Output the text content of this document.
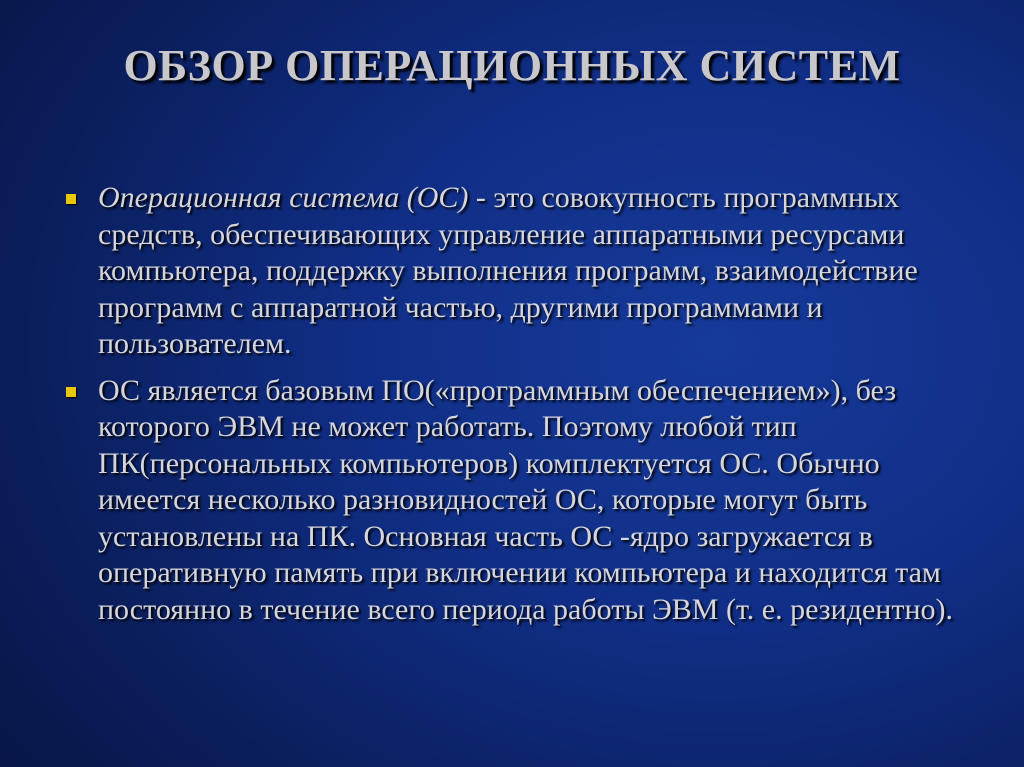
ОБЗОР ОПЕРАЦИОННЫХ СИСТЕМ
Операционная система (ОС) - это совокупность программных средств, обеспечивающих управление аппаратными ресурсами компьютера, поддержку выполнения программ, взаимодействие программ с аппаратной частью, другими программами и пользователем.
ОС является базовым ПО(«программным обеспечением»), без которого ЭВМ не может работать. Поэтому любой тип ПК(персональных компьютеров) комплектуется ОС. Обычно имеется несколько разновидностей ОС, которые могут быть установлены на ПК. Основная часть ОС -ядро загружается в оперативную память при включении компьютера и находится там постоянно в течение всего периода работы ЭВМ (т. е. резидентно).
